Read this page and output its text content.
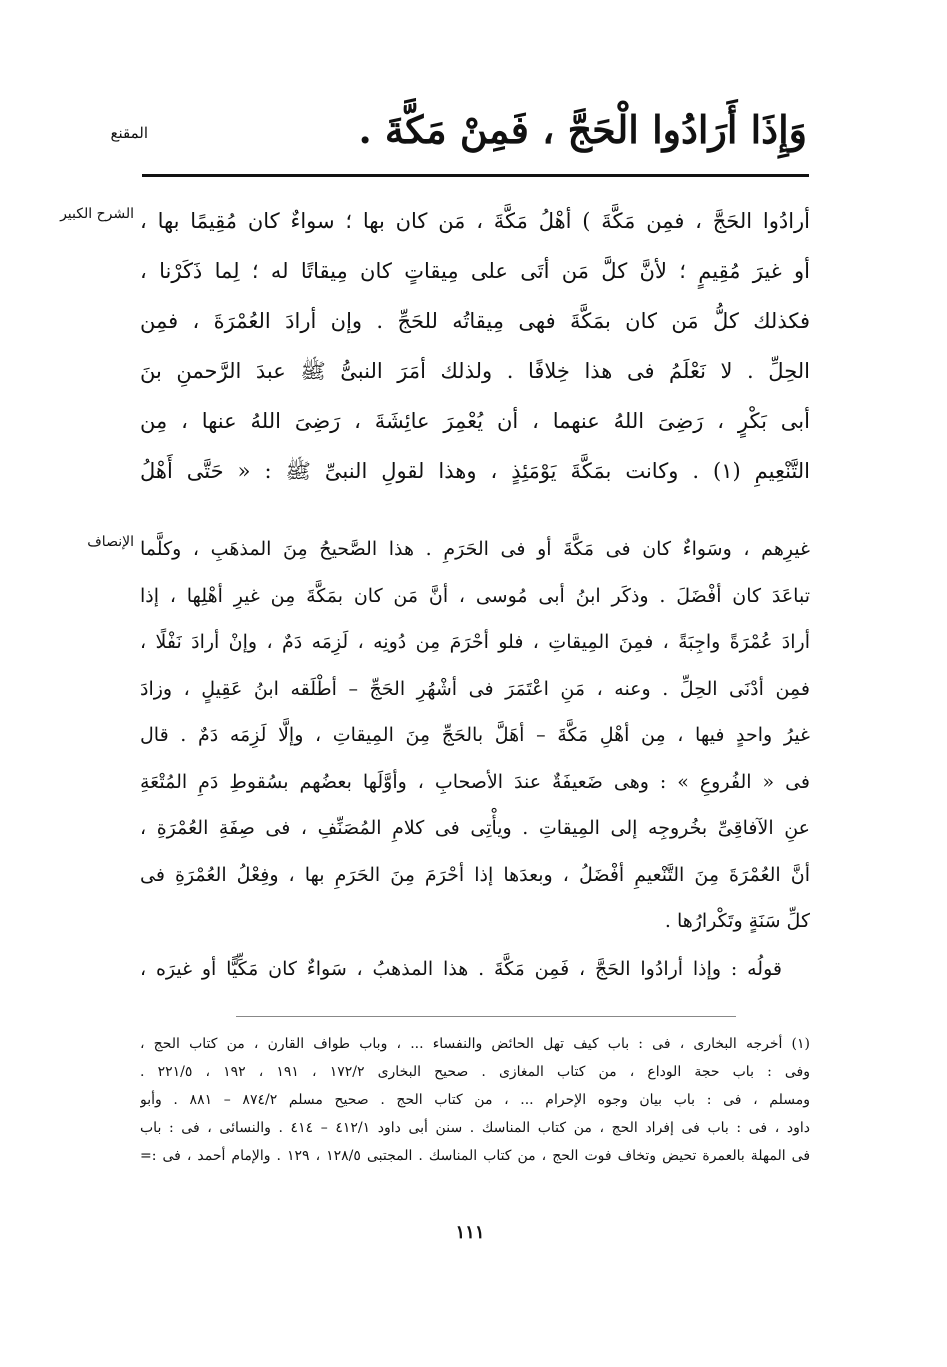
وَإِذَا أَرَادُوا الْحَجَّ ، فَمِنْ مَكَّةَ .
المقنع
الشرح الكبير أرادُوا الحَجَّ ، فمِن مَكَّةَ ) أهْلُ مَكَّةَ ، مَن كان بها ؛ سواءٌ كان مُقِيمًا بها ،
أو غيرَ مُقِيمٍ ؛ لأنَّ كلَّ مَن أتَى على مِيقاتٍ كان مِيقاتًا له ؛ لِما ذَكَرْنا ،
فكذلك كلُّ مَن كان بمَكَّةَ فهى مِيقاتُه للحَجِّ . وإن أرادَ العُمْرَةَ ، فمِن
الحِلِّ . لا نَعْلَمُ فى هذا خِلافًا . ولذلك أمَرَ النبىُّ ﷺ عبدَ الرَّحمنِ بنَ
أبى بَكْرٍ ، رَضِىَ اللهُ عنهما ، أن يُعْمِرَ عائِشَةَ ، رَضِىَ اللهُ عنها ، مِن
التَّنْعِيمِ (١) . وكانت بمَكَّةَ يَوْمَئِذٍ ، وهذا لقولِ النبىِّ ﷺ : « حَتَّى أَهْلُ
الإنصاف غيرِهم ، وسَواءٌ كان فى مَكَّةَ أو فى الحَرَمِ . هذا الصَّحيحُ مِنَ المذهَبِ ، وكلَّما
تباعَدَ كان أفْضَلَ . وذكَر ابنُ أبى مُوسى ، أنَّ مَن كان بمَكَّةَ مِن غيرِ أهْلِها ، إذا
أرادَ عُمْرَةً واجِبَةً ، فمِنَ المِيقاتِ ، فلو أحْرَمَ مِن دُونِه ، لَزِمَه دَمٌ ، وإنْ أرادَ نَفْلًا ،
فمِن أدْنَى الحِلِّ . وعنه ، مَنِ اعْتَمَرَ فى أشْهُرِ الحَجِّ – أطْلَقه ابنُ عَقِيلٍ ، وزادَ
غيرُ واحدٍ فيها ، مِن أهْلِ مَكَّةَ – أهَلَّ بالحَجِّ مِنَ المِيقاتِ ، وإلَّا لَزِمَه دَمٌ . قال
فى « الفُروعِ » : وهى ضَعيفَةٌ عندَ الأصحابِ ، وأوَّلَها بعضُهم بسُقوطِ دَمِ المُتْعَةِ
عنِ الآفاقِىِّ بخُروجِه إلى المِيقاتِ . ويأْتِى فى كلامِ المُصَنِّفِ ، فى صِفَةِ العُمْرَةِ ،
أنَّ العُمْرَةَ مِنَ التَّنْعيمِ أفْضَلُ ، وبعدَها إذا أحْرَمَ مِنَ الحَرَمِ بها ، وفِعْلُ العُمْرَةِ فى
كلِّ سَنَةٍ وتَكْرارُها .
قولُه : وإذا أرادُوا الحَجَّ ، فَمِن مَكَّةَ . هذا المذهبُ ، سَواءٌ كان مَكِّيًّا أو غيرَه ،
(١) أخرجه البخارى ، فى : باب كيف تهل الحائض والنفساء ... ، وباب طواف القارن ، من كتاب الحج ،
وفى : باب حجة الوداع ، من كتاب المغازى . صحيح البخارى ١٧٢/٢ ، ١٩١ ، ١٩٢ ، ٢٢١/٥ .
ومسلم ، فى : باب بيان وجوه الإحرام ... ، من كتاب الحج . صحيح مسلم ٨٧٤/٢ – ٨٨١ . وأبو
داود ، فى : باب فى إفراد الحج ، من كتاب المناسك . سنن أبى داود ٤١٢/١ – ٤١٤ . والنسائى ، فى : باب
فى المهلة بالعمرة تحيض وتخاف فوت الحج ، من كتاب المناسك . المجتبى ١٢٨/٥ ، ١٢٩ . والإمام أحمد ، فى :=
١١١
